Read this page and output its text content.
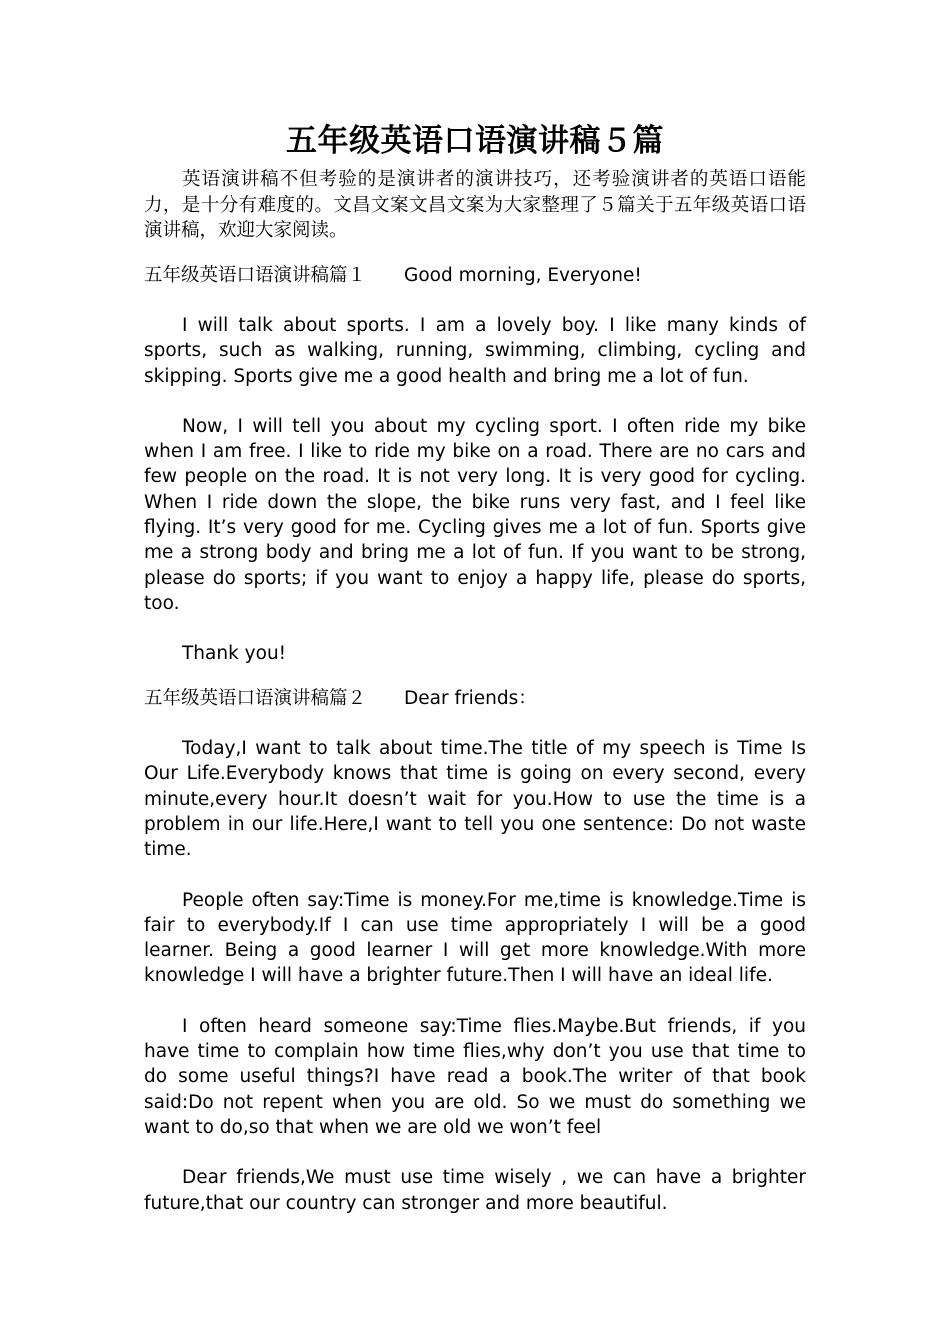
五年级英语口语演讲稿５篇

英语演讲稿不但考验的是演讲者的演讲技巧，还考验演讲者的英语口语能力，是十分有难度的。文昌文案文昌文案为大家整理了５篇关于五年级英语口语演讲稿，欢迎大家阅读。

五年级英语口语演讲稿篇１ Good morning, Everyone!

I will talk about sports. I am a lovely boy. I like many kinds of sports, such as walking, running, swimming, climbing, cycling and skipping. Sports give me a good health and bring me a lot of fun.

Now, I will tell you about my cycling sport. I often ride my bike when I am free. I like to ride my bike on a road. There are no cars and few people on the road. It is not very long. It is very good for cycling. When I ride down the slope, the bike runs very fast, and I feel like flying. It’s very good for me. Cycling gives me a lot of fun. Sports give me a strong body and bring me a lot of fun. If you want to be strong, please do sports; if you want to enjoy a happy life, please do sports, too.

Thank you!

五年级英语口语演讲稿篇２ Dear friends：

Today,I want to talk about time.The title of my speech is Time Is Our Life.Everybody knows that time is going on every second, every minute,every hour.It doesn’t wait for you.How to use the time is a problem in our life.Here,I want to tell you one sentence: Do not waste time.

People often say:Time is money.For me,time is knowledge.Time is fair to everybody.If I can use time appropriately I will be a good learner. Being a good learner I will get more knowledge.With more knowledge I will have a brighter future.Then I will have an ideal life.

I often heard someone say:Time flies.Maybe.But friends, if you have time to complain how time flies,why don’t you use that time to do some useful things?I have read a book.The writer of that book said:Do not repent when you are old. So we must do something we want to do,so that when we are old we won’t feel

Dear friends,We must use time wisely , we can have a brighter future,that our country can stronger and more beautiful.
